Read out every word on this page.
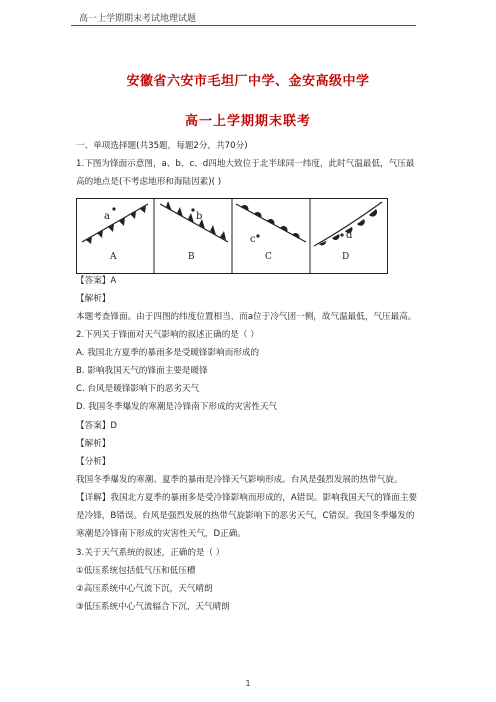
高一上学期期末考试地理试题
安徽省六安市毛坦厂中学、金安高级中学
高一上学期期末联考
一、单项选择题(共35题，每题2分，共70分)
1.下图为锋面示意图，a、b、c、d四地大致位于北半球同一纬度，此时气温最低，气压最
高的地点是(不考虑地形和海陆因素)( )
a	b
c	d
A	B	C	D
【答案】A
【解析】
本题考查锋面。由于四图的纬度位置相当，而a位于冷气团一侧，故气温最低，气压最高。
2.下列关于锋面对天气影响的叙述正确的是（ ）
A. 我国北方夏季的暴雨多是受暖锋影响而形成的
B. 影响我国天气的锋面主要是暖锋
C. 台风是暖锋影响下的恶劣天气
D. 我国冬季爆发的寒潮是冷锋南下形成的灾害性天气
【答案】D
【解析】
【分析】
我国冬季爆发的寒潮、夏季的暴雨是冷锋天气影响形成。台风是强烈发展的热带气旋。
【详解】我国北方夏季的暴雨多是受冷锋影响而形成的，A错误。影响我国天气的锋面主要
是冷锋，B错误。台风是强烈发展的热带气旋影响下的恶劣天气，C错误。我国冬季爆发的
寒潮是冷锋南下形成的灾害性天气，D正确。
3.关于天气系统的叙述，正确的是（ ）
①低压系统包括低气压和低压槽
②高压系统中心气流下沉，天气晴朗
③低压系统中心气流辐合下沉，天气晴朗
1
